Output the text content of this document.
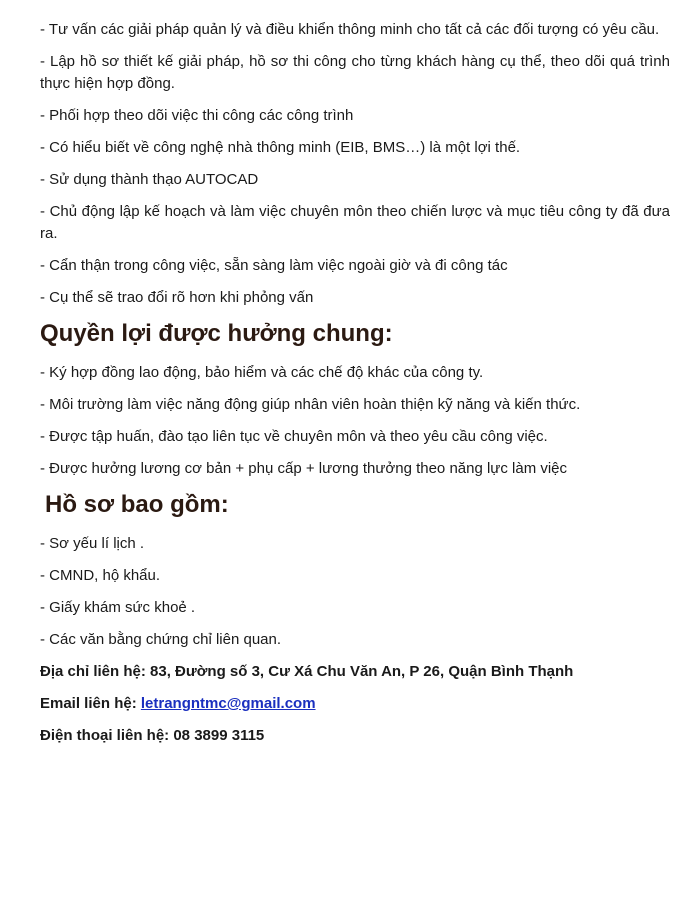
- Tư vấn các giải pháp quản lý và điều khiển thông minh cho tất cả các đối tượng có yêu cầu.

- Lập hồ sơ thiết kế giải pháp, hồ sơ thi công cho từng khách hàng cụ thể, theo dõi quá trình thực hiện hợp đồng.

- Phối hợp theo dõi việc thi công các công trình

- Có hiểu biết về công nghệ nhà thông minh (EIB, BMS…) là một lợi thế.

- Sử dụng thành thạo AUTOCAD

- Chủ động lập kế hoạch và làm việc chuyên môn theo chiến lược và mục tiêu công ty đã đưa ra.

- Cẩn thận trong công việc, sẵn sàng làm việc ngoài giờ và đi công tác

- Cụ thể sẽ trao đổi rõ hơn khi phỏng vấn

Quyền lợi được hưởng chung:

- Ký hợp đồng lao động, bảo hiểm và các chế độ khác của công ty.

- Môi trường làm việc năng động giúp nhân viên hoàn thiện kỹ năng và kiến thức.

- Được tập huấn, đào tạo liên tục về chuyên môn và theo yêu cầu công việc.

- Được hưởng lương cơ bản + phụ cấp + lương thưởng theo năng lực làm việc

Hồ sơ bao gồm:

- Sơ yếu lí lịch .

- CMND, hộ khẩu.

- Giấy khám sức khoẻ .

- Các văn bằng chứng chỉ liên quan.

Địa chỉ liên hệ: 83, Đường số 3, Cư Xá Chu Văn An, P 26, Quận Bình Thạnh

Email liên hệ: letrangntmc@gmail.com

Điện thoại liên hệ: 08 3899 3115
